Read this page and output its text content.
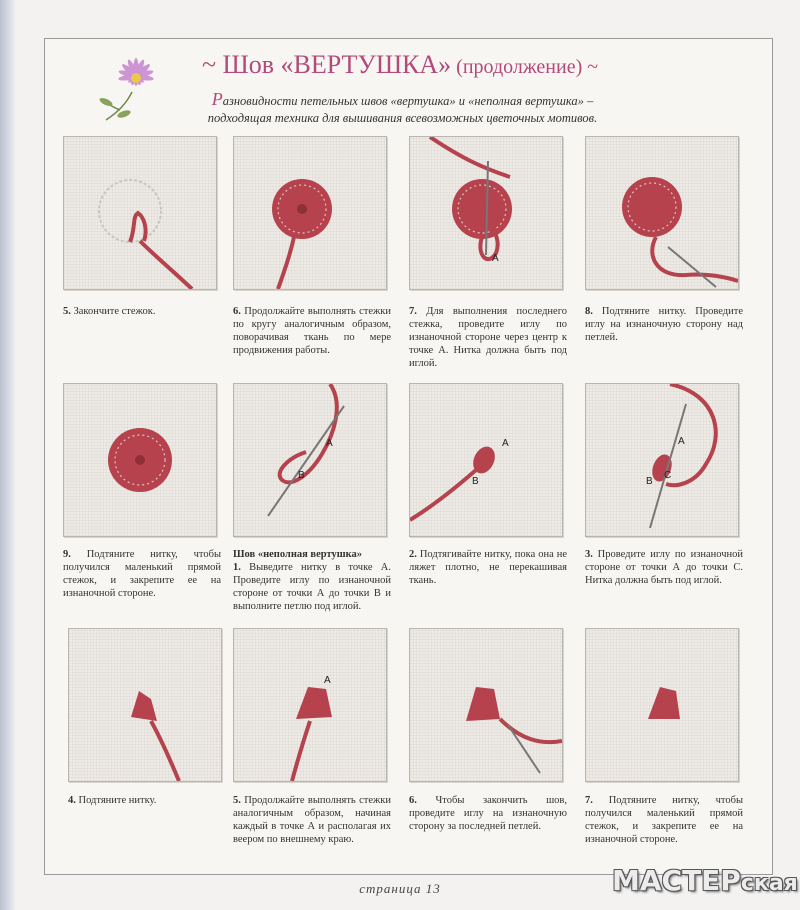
~ Шов «ВЕРТУШКА» (продолжение) ~
Разновидности петельных швов «вертушка» и «неполная вертушка» – подходящая техника для вышивания всевозможных цветочных мотивов.
A
5. Закончите стежок.	6. Продолжайте выполнять стежки по кругу аналогичным образом, поворачивая ткань по мере продвижения работы.
7. Для выполнения последнего стежка, проведите иглу по изнаночной стороне через центр к точке А. Нитка должна быть под иглой.
8. Подтяните нитку. Проведите иглу на изнаночную сторону над петлей.
A
B
A
B
A
B
C
9. Подтяните нитку, чтобы получился маленький прямой стежок, и закрепите ее на изнаночной стороне.
Шов «неполная вертушка»
1. Выведите нитку в точке А. Проведите иглу по изнаночной стороне от точки А до точки В и выполните петлю под иглой.
2. Подтягивайте нитку, пока она не ляжет плотно, не перекашивая ткань.
3. Проведите иглу по изнаночной стороне от точки А до точки С. Нитка должна быть под иглой.
A
4. Подтяните нитку.	5. Продолжайте выполнять стежки аналогичным образом, начиная каждый в точке А и располагая их веером по внешнему краю.
6. Чтобы закончить шов, проведите иглу на изнаночную сторону за последней петлей.
7. Подтяните нитку, чтобы получился маленький прямой стежок, и закрепите ее на изнаночной стороне.
страница 13	МАСТЕРская
